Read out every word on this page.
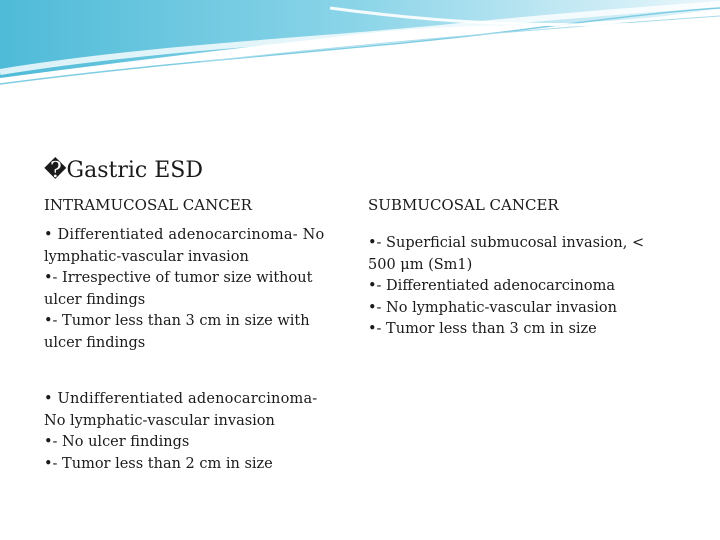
�Gastric ESD
INTRAMUCOSAL CANCER	SUBMUCOSAL CANCER
• Differentiated adenocarcinoma- No
lymphatic-vascular invasion
•- Irrespective of tumor size without
ulcer findings
•- Tumor less than 3 cm in size with
ulcer findings
• Undifferentiated adenocarcinoma-
No lymphatic-vascular invasion
•- No ulcer findings
•- Tumor less than 2 cm in size
•- Superficial submucosal invasion, <
500 μm (Sm1)
•- Differentiated adenocarcinoma
•- No lymphatic-vascular invasion
•- Tumor less than 3 cm in size
